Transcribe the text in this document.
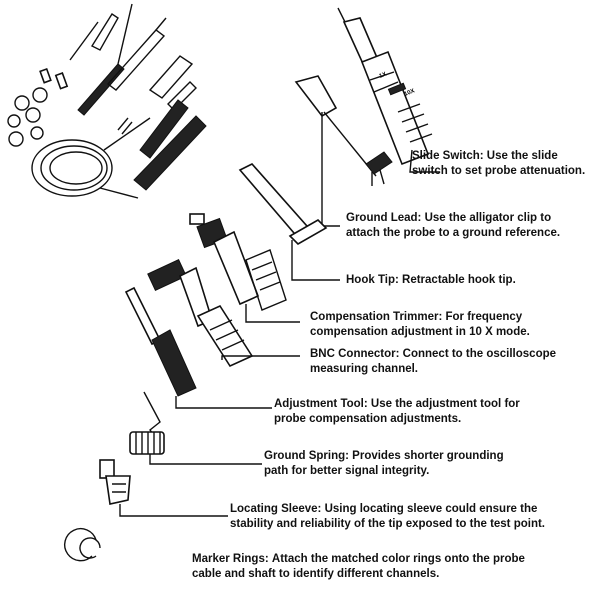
1X
10X
Slide Switch: Use the slide
switch to set probe attenuation.
Ground Lead: Use the alligator clip to
attach the probe to a ground reference.
Hook Tip: Retractable hook tip.
Compensation Trimmer: For frequency
compensation adjustment in 10 X mode.
BNC Connector: Connect to the oscilloscope
measuring channel.
Adjustment Tool: Use the adjustment tool for
probe compensation adjustments.
Ground Spring: Provides shorter grounding
path for better signal integrity.
Locating Sleeve: Using locating sleeve could ensure the
stability and reliability of the tip exposed to the test point.
Marker Rings: Attach the matched color rings onto the probe
cable and shaft to identify different channels.
